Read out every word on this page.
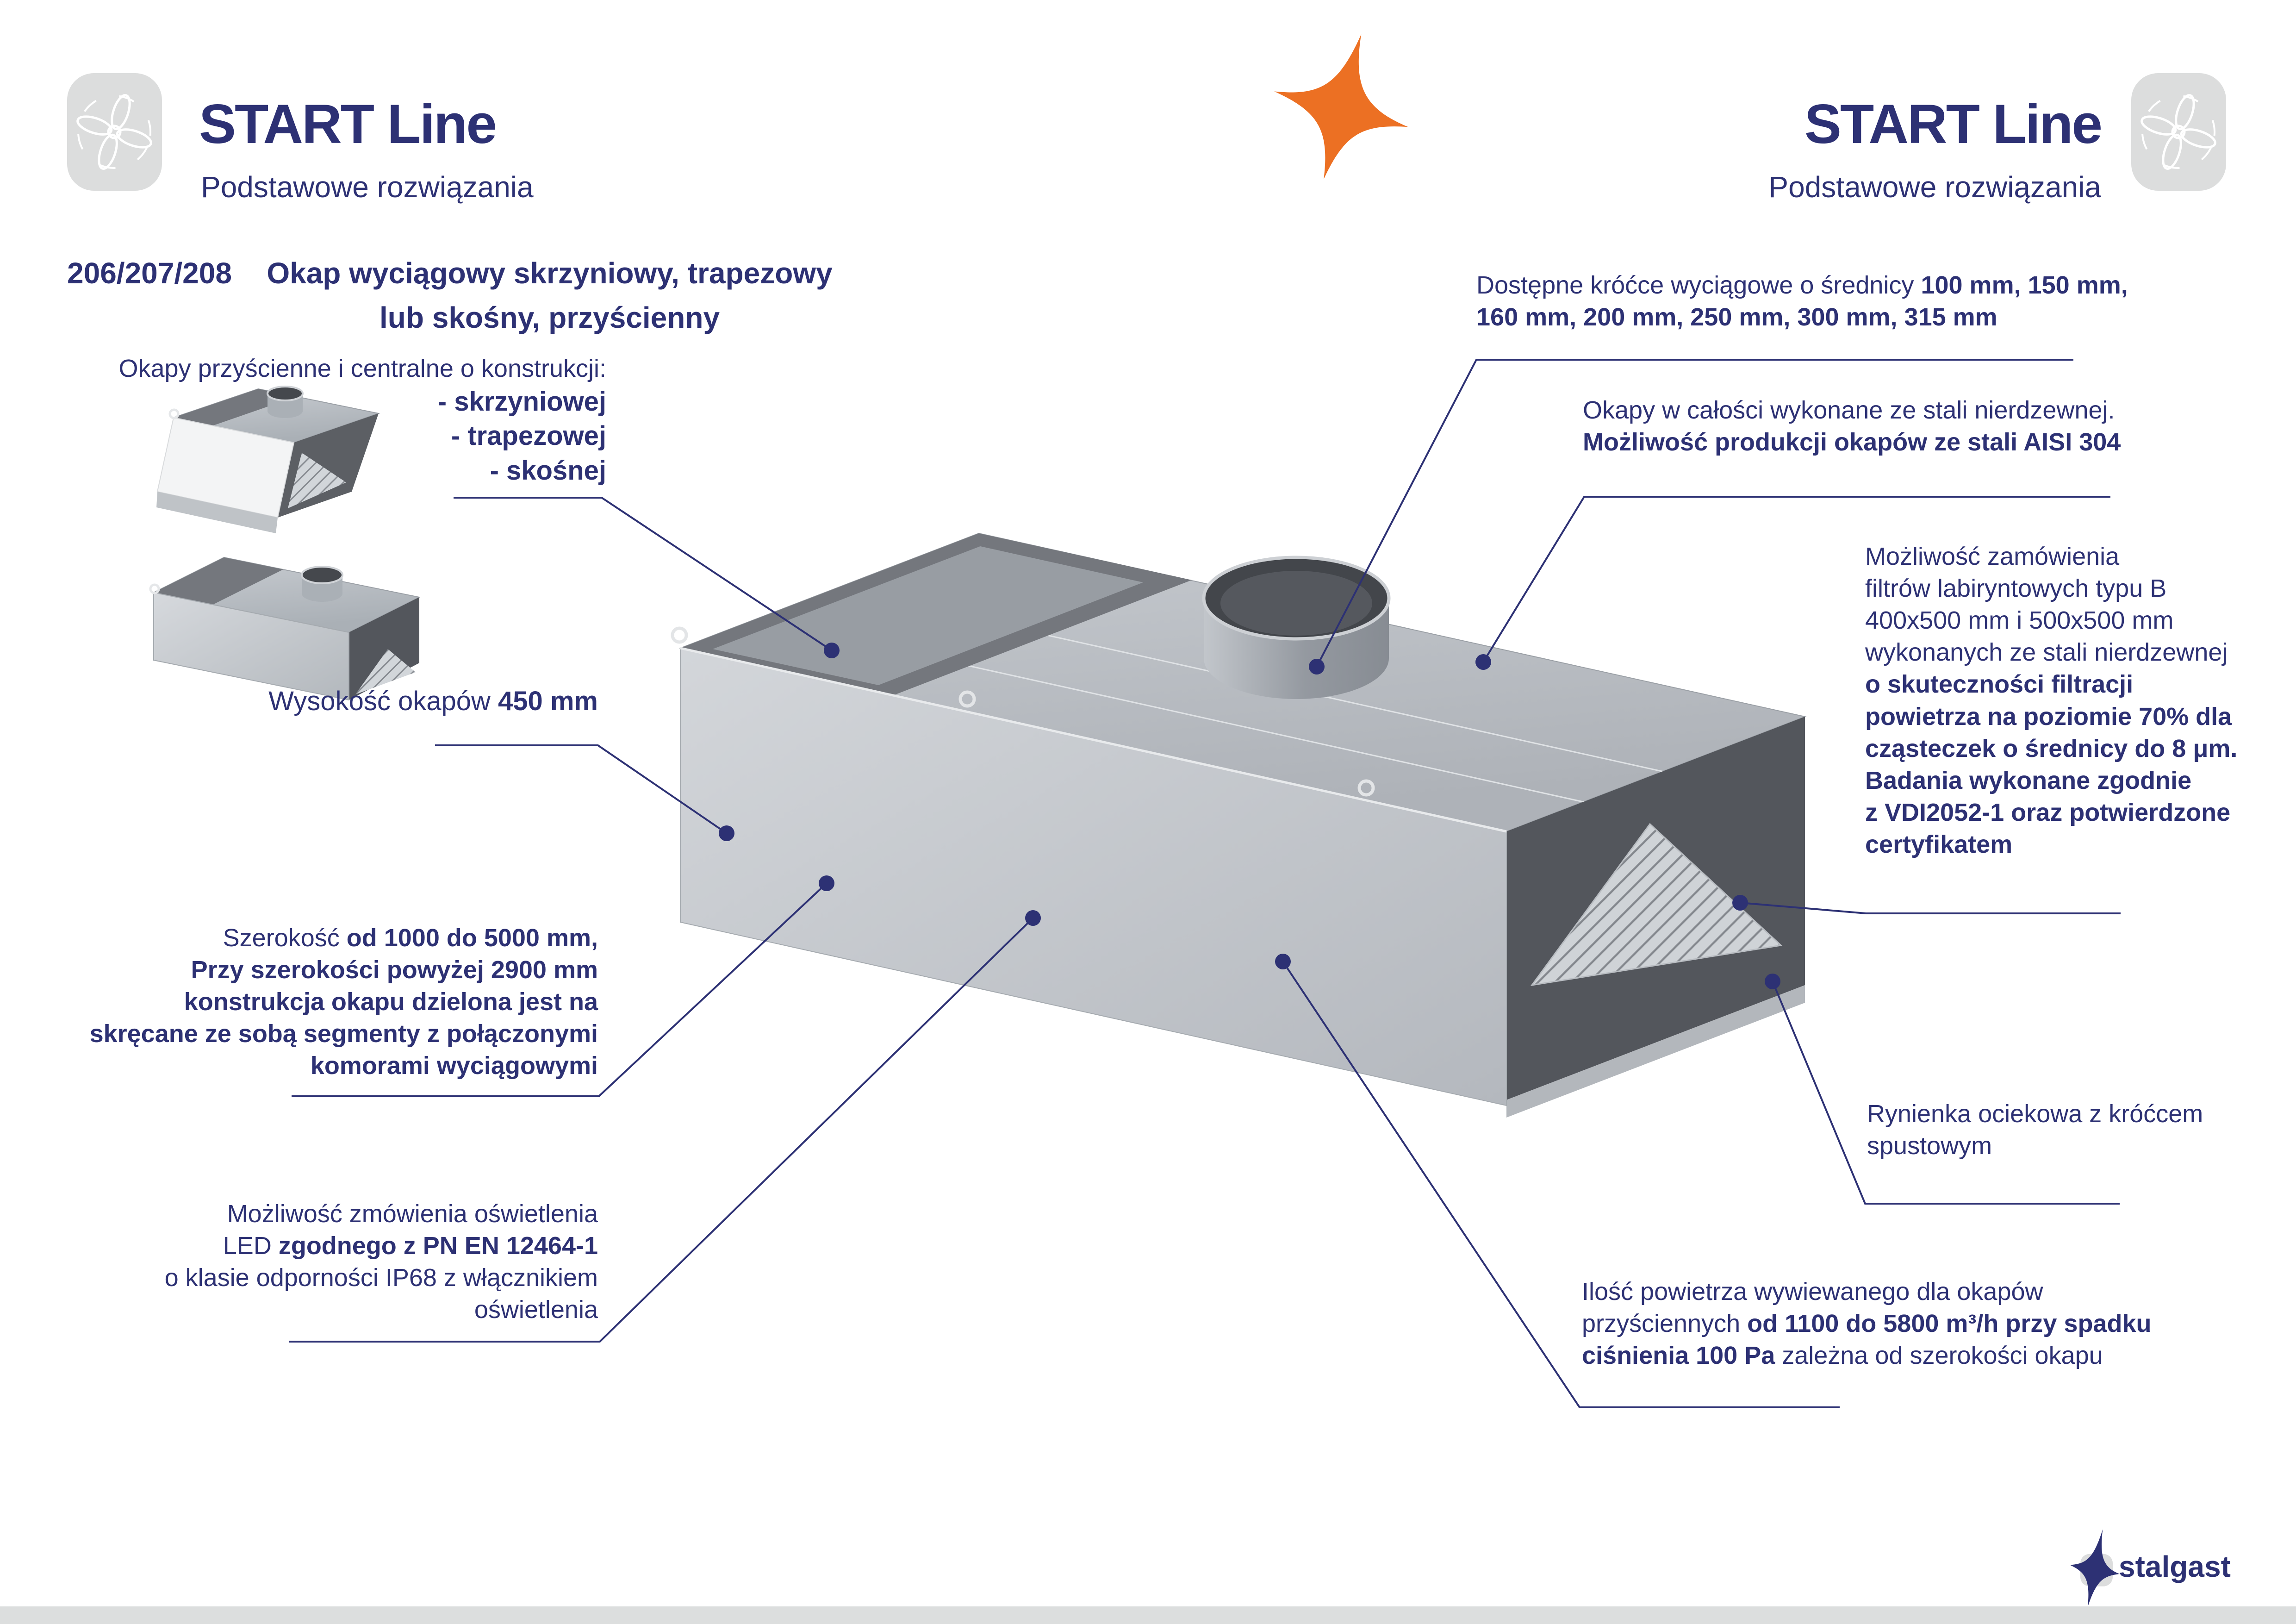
START Line
Podstawowe rozwiązania
START Line
Podstawowe rozwiązania
206/207/208 Okap wyciągowy skrzyniowy, trapezowy
lub skośny, przyścienny
Okapy przyścienne i centralne o konstrukcji:
- skrzyniowej
- trapezowej
- skośnej
Dostępne króćce wyciągowe o średnicy 100 mm, 150 mm,
160 mm, 200 mm, 250 mm, 300 mm, 315 mm
Okapy w całości wykonane ze stali nierdzewnej.
Możliwość produkcji okapów ze stali AISI 304
Możliwość zamówienia
filtrów labiryntowych typu B
400x500 mm i 500x500 mm
wykonanych ze stali nierdzewnej
o skuteczności filtracji
powietrza na poziomie 70% dla
cząsteczek o średnicy do 8 μm.
Badania wykonane zgodnie
z VDI2052-1 oraz potwierdzone
certyfikatem
Wysokość okapów 450 mm
Szerokość od 1000 do 5000 mm,
Przy szerokości powyżej 2900 mm
konstrukcja okapu dzielona jest na
skręcane ze sobą segmenty z połączonymi
komorami wyciągowymi
Możliwość zmówienia oświetlenia
LED zgodnego z PN EN 12464-1
o klasie odporności IP68 z włącznikiem
oświetlenia
Rynienka ociekowa z króćcem
spustowym
Ilość powietrza wywiewanego dla okapów
przyściennych od 1100 do 5800 m³/h przy spadku
ciśnienia 100 Pa zależna od szerokości okapu
stalgast
